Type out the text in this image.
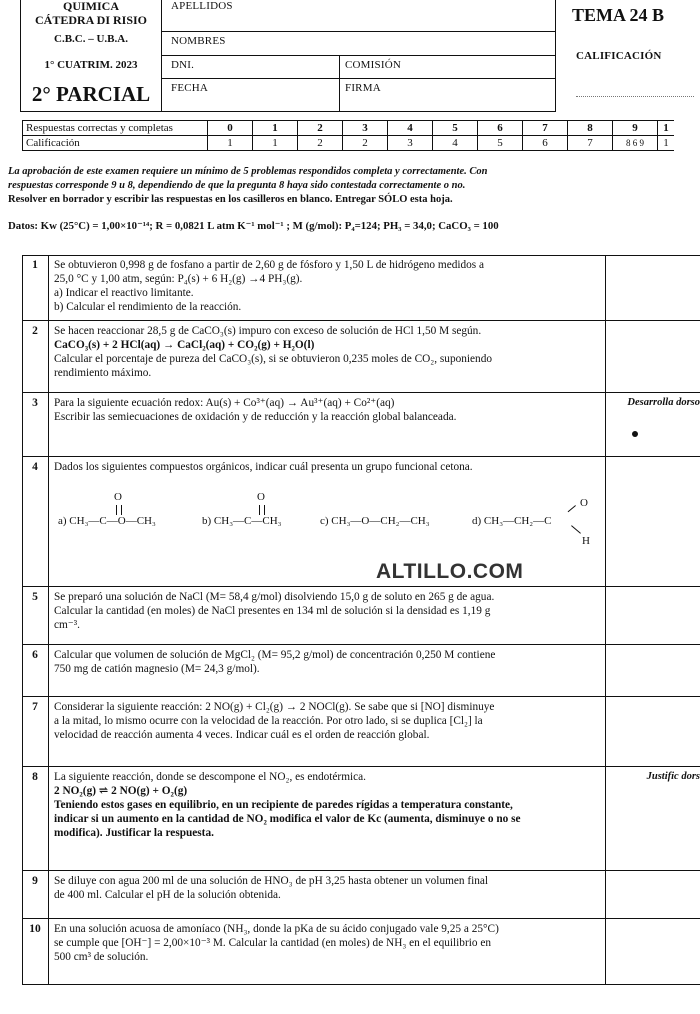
QUIMICA
CÁTEDRA DI RISIO
C.B.C. – U.B.A.
1° CUATRIM. 2023
2° PARCIAL
APELLIDOS
NOMBRES
DNI.	COMISIÓN
FECHA	FIRMA
TEMA 24 B
CALIFICACIÓN
Respuestas correctas y completas	0	1	2	3	4	5	6	7	8	9	1
Calificación	1	1	2	2	3	4	5	6	7	8 6 9	1
La aprobación de este examen requiere un mínimo de 5 problemas respondidos completa y correctamente. Con
respuestas corresponde 9 u 8, dependiendo de que la pregunta 8 haya sido contestada correctamente o no.
Resolver en borrador y escribir las respuestas en los casilleros en blanco. Entregar SÓLO esta hoja.
Datos: Kw (25°C) = 1,00×10⁻¹⁴; R = 0,0821 L atm K⁻¹ mol⁻¹ ; M (g/mol): P₄=124; PH₃ = 34,0; CaCO₃ = 100
1	Se obtuvieron 0,998 g de fosfano a partir de 2,60 g de fósforo y 1,50 L de hidrógeno medidos a
25,0 °C y 1,00 atm, según: P₄(s) + 6 H₂(g) →4 PH₃(g).
a) Indicar el reactivo limitante.
b) Calcular el rendimiento de la reacción.
2	Se hacen reaccionar 28,5 g de CaCO₃(s) impuro con exceso de solución de HCl 1,50 M según.
CaCO₃(s) + 2 HCl(aq) → CaCl₂(aq) + CO₂(g) + H₂O(l)
Calcular el porcentaje de pureza del CaCO₃(s), si se obtuvieron 0,235 moles de CO₂, suponiendo
rendimiento máximo.
3	Para la siguiente ecuación redox: Au(s) + Co³⁺(aq) → Au³⁺(aq) + Co²⁺(aq)
Escribir las semiecuaciones de oxidación y de reducción y la reacción global balanceada.
Desarrolla dorso
4	Dados los siguientes compuestos orgánicos, indicar cuál presenta un grupo funcional cetona.
a) CH₃—C—O—CH₃
O
b) CH₃—C—CH₃
O
c) CH₃—O—CH₂—CH₃	d) CH₃—CH₂—C
O
H
ALTILLO.COM
5	Se preparó una solución de NaCl (M= 58,4 g/mol) disolviendo 15,0 g de soluto en 265 g de agua.
Calcular la cantidad (en moles) de NaCl presentes en 134 ml de solución si la densidad es 1,19 g
cm⁻³.
6	Calcular que volumen de solución de MgCl₂ (M= 95,2 g/mol) de concentración 0,250 M contiene
750 mg de catión magnesio (M= 24,3 g/mol).
7	Considerar la siguiente reacción: 2 NO(g) + Cl₂(g) → 2 NOCl(g). Se sabe que si [NO] disminuye
a la mitad, lo mismo ocurre con la velocidad de la reacción. Por otro lado, si se duplica [Cl₂] la
velocidad de reacción aumenta 4 veces. Indicar cuál es el orden de reacción global.
8	La siguiente reacción, donde se descompone el NO₂, es endotérmica.
2 NO₂(g) ⇌ 2 NO(g) + O₂(g)
Teniendo estos gases en equilibrio, en un recipiente de paredes rígidas a temperatura constante,
indicar si un aumento en la cantidad de NO₂ modifica el valor de Kc (aumenta, disminuye o no se
modifica). Justificar la respuesta.
Justific dors
9	Se diluye con agua 200 ml de una solución de HNO₃ de pH 3,25 hasta obtener un volumen final
de 400 ml. Calcular el pH de la solución obtenida.
10	En una solución acuosa de amoníaco (NH₃, donde la pKa de su ácido conjugado vale 9,25 a 25°C)
se cumple que [OH⁻] = 2,00×10⁻³ M. Calcular la cantidad (en moles) de NH₃ en el equilibrio en
500 cm³ de solución.
